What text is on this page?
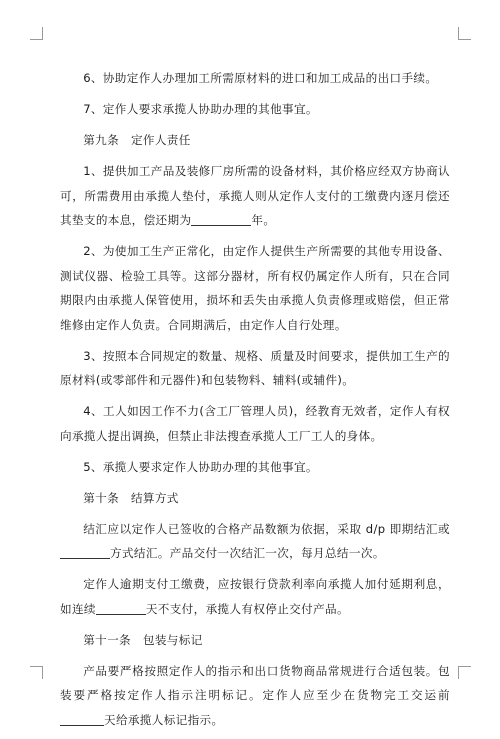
6、协助定作人办理加工所需原材料的进口和加工成品的出口手续。

7、定作人要求承揽人协助办理的其他事宜。

第九条　定作人责任

1、提供加工产品及装修厂房所需的设备材料，其价格应经双方协商认可，所需费用由承揽人垫付，承揽人则从定作人支付的工缴费内逐月偿还其垫支的本息，偿还期为	年。

2、为使加工生产正常化，由定作人提供生产所需要的其他专用设备、测试仪器、检验工具等。这部分器材，所有权仍属定作人所有，只在合同期限内由承揽人保管使用，损坏和丢失由承揽人负责修理或赔偿，但正常维修由定作人负责。合同期满后，由定作人自行处理。

3、按照本合同规定的数量、规格、质量及时间要求，提供加工生产的原材料(或零部件和元器件)和包装物料、辅料(或辅件)。

4、工人如因工作不力(含工厂管理人员)，经教育无效者，定作人有权向承揽人提出调换，但禁止非法搜查承揽人工厂工人的身体。

5、承揽人要求定作人协助办理的其他事宜。

第十条　结算方式

结汇应以定作人已签收的合格产品数额为依据，采取 d/p 即期结汇或方式结汇。产品交付一次结汇一次，每月总结一次。

定作人逾期支付工缴费，应按银行贷款利率向承揽人加付延期利息，如连续	天不支付，承揽人有权停止交付产品。

第十一条　包装与标记

产品要严格按照定作人的指示和出口货物商品常规进行合适包装。包装要严格按定作人指示注明标记。定作人应至少在货物完工交运前天给承揽人标记指示。
